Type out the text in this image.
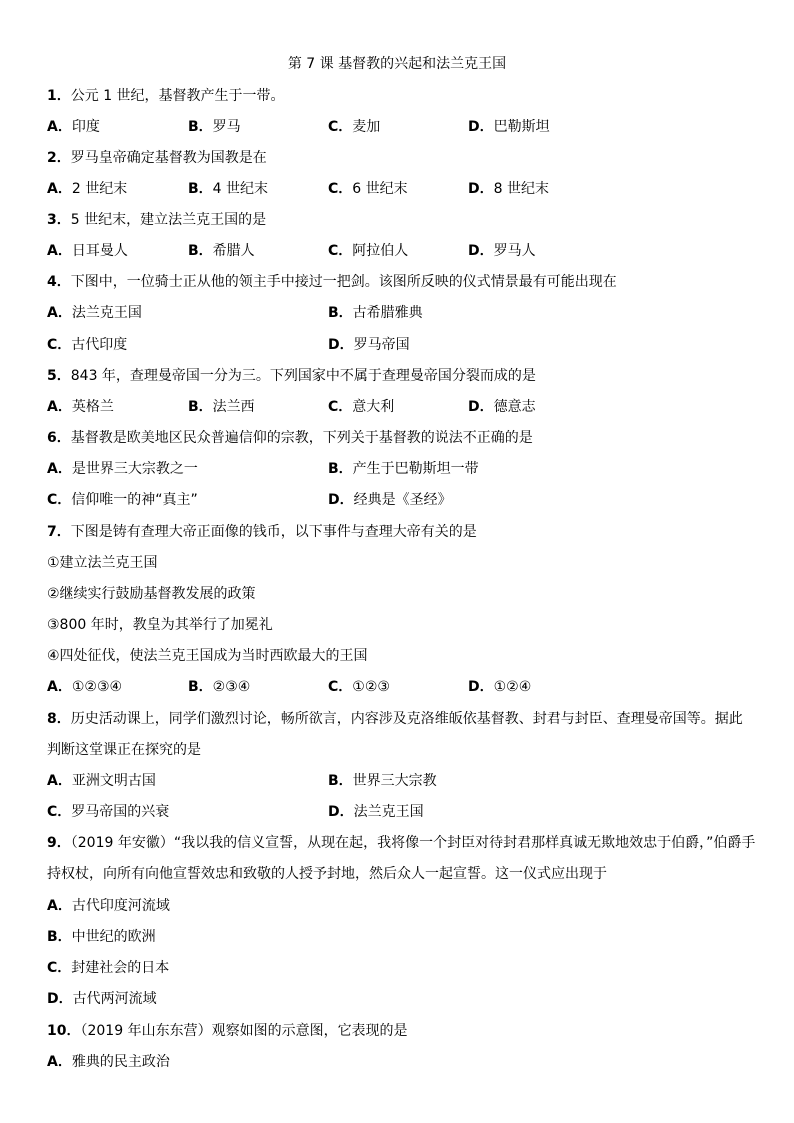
第 7 课 基督教的兴起和法兰克王国
1．公元 1 世纪，基督教产生于一带。
A．印度	B．罗马	C．麦加	D．巴勒斯坦
2．罗马皇帝确定基督教为国教是在
A．2 世纪末	B．4 世纪末	C．6 世纪末	D．8 世纪末
3．5 世纪末，建立法兰克王国的是
A．日耳曼人	B．希腊人	C．阿拉伯人	D．罗马人
4．下图中，一位骑士正从他的领主手中接过一把剑。该图所反映的仪式情景最有可能出现在
A．法兰克王国	B．古希腊雅典
C．古代印度	D．罗马帝国
5．843 年，查理曼帝国一分为三。下列国家中不属于查理曼帝国分裂而成的是
A．英格兰	B．法兰西	C．意大利	D．德意志
6．基督教是欧美地区民众普遍信仰的宗教，下列关于基督教的说法不正确的是
A．是世界三大宗教之一	B．产生于巴勒斯坦一带
C．信仰唯一的神“真主”	D．经典是《圣经》
7．下图是铸有查理大帝正面像的钱币，以下事件与查理大帝有关的是
①建立法兰克王国
②继续实行鼓励基督教发展的政策
③800 年时，教皇为其举行了加冕礼
④四处征伐，使法兰克王国成为当时西欧最大的王国
A．①②③④	B．②③④	C．①②③	D．①②④
8．历史活动课上，同学们激烈讨论，畅所欲言，内容涉及克洛维皈依基督教、封君与封臣、查理曼帝国等。据此
判断这堂课正在探究的是
A．亚洲文明古国	B．世界三大宗教
C．罗马帝国的兴衰	D．法兰克王国
9．（2019 年安徽）“我以我的信义宣誓，从现在起，我将像一个封臣对待封君那样真诚无欺地效忠于伯爵，”伯爵手
持权杖，向所有向他宣誓效忠和致敬的人授予封地，然后众人一起宣誓。这一仪式应出现于
A．古代印度河流域
B．中世纪的欧洲
C．封建社会的日本
D．古代两河流域
10．（2019 年山东东营）观察如图的示意图，它表现的是
A．雅典的民主政治
